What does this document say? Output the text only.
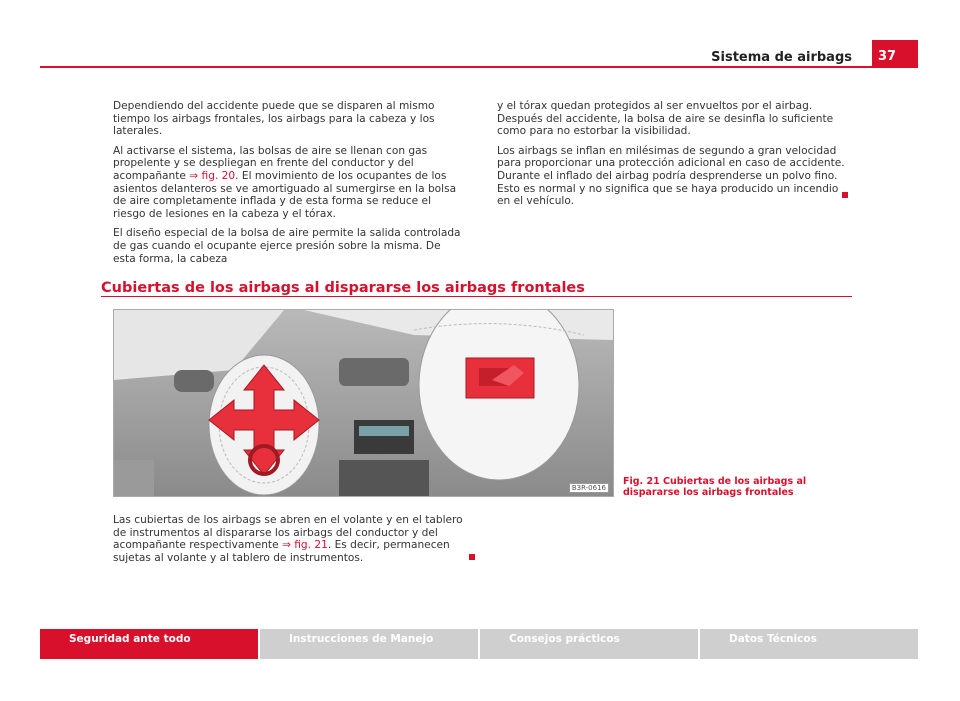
Sistema de airbags	37

Dependiendo del accidente puede que se disparen al mismo tiempo los airbags frontales, los airbags para la cabeza y los laterales.

Al activarse el sistema, las bolsas de aire se llenan con gas propelente y se despliegan en frente del conductor y del acompañante ⇒ fig. 20. El movimiento de los ocupantes de los asientos delanteros se ve amortiguado al sumergirse en la bolsa de aire completamente inflada y de esta forma se reduce el riesgo de lesiones en la cabeza y el tórax.

El diseño especial de la bolsa de aire permite la salida controlada de gas cuando el ocupante ejerce presión sobre la misma. De esta forma, la cabeza

y el tórax quedan protegidos al ser envueltos por el airbag. Después del accidente, la bolsa de aire se desinfla lo suficiente como para no estorbar la visibilidad.

Los airbags se inflan en milésimas de segundo a gran velocidad para proporcionar una protección adicional en caso de accidente. Durante el inflado del airbag podría desprenderse un polvo fino. Esto es normal y no significa que se haya producido un incendio en el vehículo.

Cubiertas de los airbags al dispararse los airbags frontales
B3R-0616
Fig. 21 Cubiertas de los airbags al dispararse los airbags frontales

Las cubiertas de los airbags se abren en el volante y en el tablero de instrumentos al dispararse los airbags del conductor y del acompañante respectivamente ⇒ fig. 21. Es decir, permanecen sujetas al volante y al tablero de instrumentos.

Seguridad ante todo	Instrucciones de Manejo	Consejos prácticos	Datos Técnicos
